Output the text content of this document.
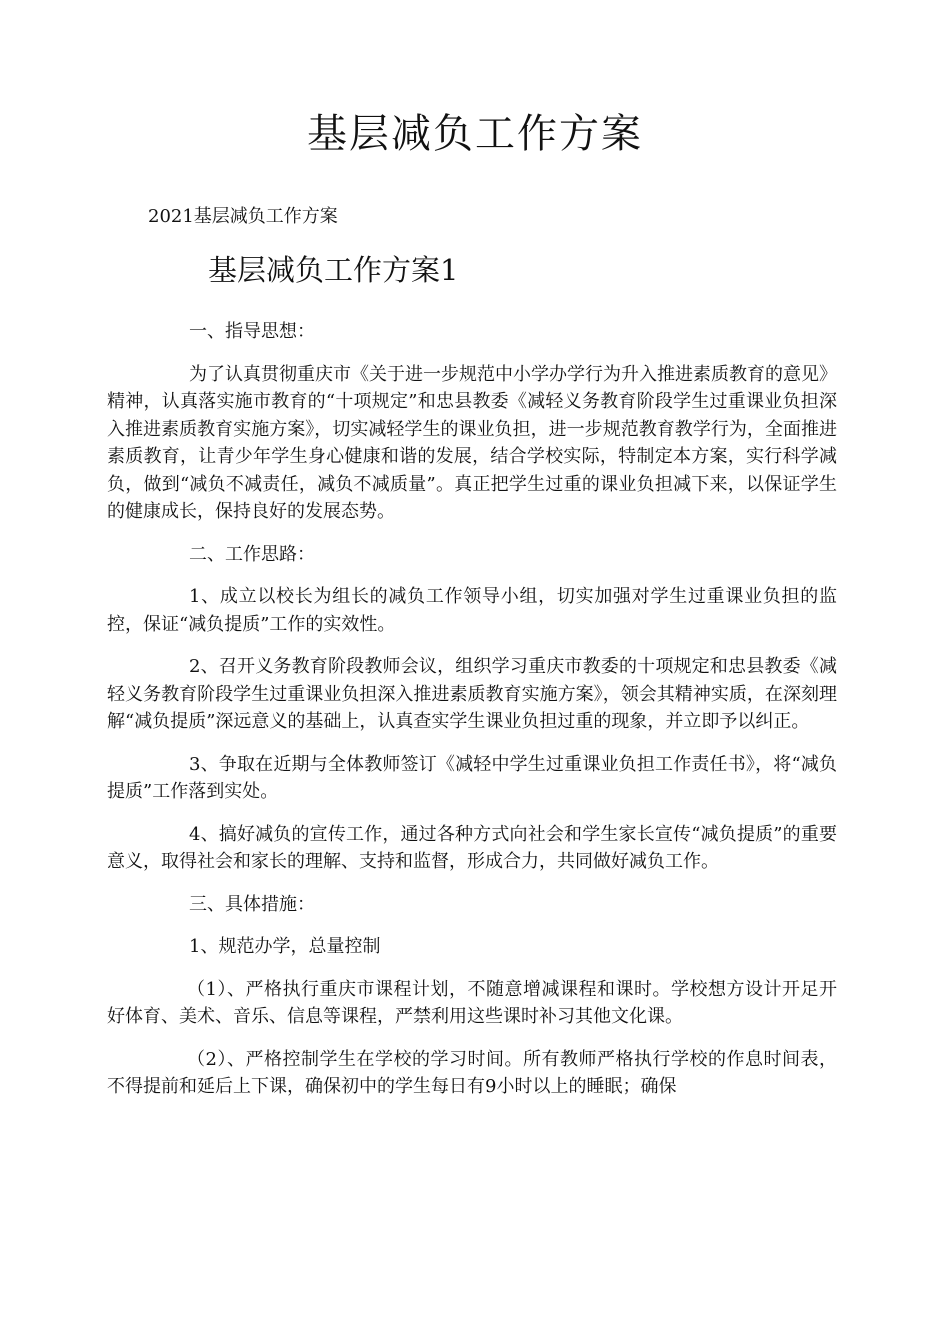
基层减负工作方案
2021基层减负工作方案
基层减负工作方案1

一、指导思想：

为了认真贯彻重庆市《关于进一步规范中小学办学行为升入推进素质教育的意见》精神，认真落实施市教育的“十项规定”和忠县教委《减轻义务教育阶段学生过重课业负担深入推进素质教育实施方案》，切实减轻学生的课业负担，进一步规范教育教学行为，全面推进素质教育，让青少年学生身心健康和谐的发展，结合学校实际，特制定本方案，实行科学减负，做到“减负不减责任，减负不减质量”。真正把学生过重的课业负担减下来，以保证学生的健康成长，保持良好的发展态势。

二、工作思路：

1、成立以校长为组长的减负工作领导小组，切实加强对学生过重课业负担的监控，保证“减负提质”工作的实效性。

2、召开义务教育阶段教师会议，组织学习重庆市教委的十项规定和忠县教委《减轻义务教育阶段学生过重课业负担深入推进素质教育实施方案》，领会其精神实质，在深刻理解“减负提质”深远意义的基础上，认真查实学生课业负担过重的现象，并立即予以纠正。

3、争取在近期与全体教师签订《减轻中学生过重课业负担工作责任书》，将“减负提质”工作落到实处。

4、搞好减负的宣传工作，通过各种方式向社会和学生家长宣传“减负提质”的重要意义，取得社会和家长的理解、支持和监督，形成合力，共同做好减负工作。

三、具体措施：

1、规范办学，总量控制

（1）、严格执行重庆市课程计划，不随意增减课程和课时。学校想方设计开足开好体育、美术、音乐、信息等课程，严禁利用这些课时补习其他文化课。

（2）、严格控制学生在学校的学习时间。所有教师严格执行学校的作息时间表，不得提前和延后上下课，确保初中的学生每日有9小时以上的睡眠；确保
